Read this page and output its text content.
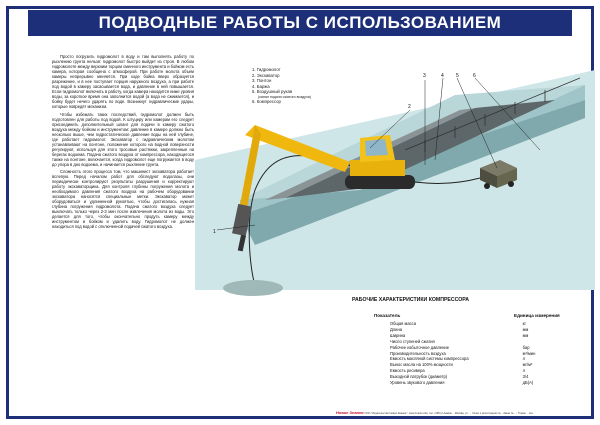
ПОДВОДНЫЕ РАБОТЫ С ИСПОЛЬЗОВАНИЕМ ГИДРОМОЛОТА

Просто погрузить гидромолот в воду и там выполнять работу по рыхлению грунта нельзя: гидромолот быстро выйдет из строя. В любом гидромолоте между верхним торцом сменного инструмента и бойком есть камера, которая сообщена с атмосферой. При работе молота объем камеры непрерывно меняется. При ходе бойка вверх образуется разрежение, и в нее поступает порция наружного воздуха, а при работе под водой в камеру засасывается вода, и давление в ней повышается. Если гидромолот включить в работу, когда камера находится ниже уровня воды, за короткое время она заполнится водой (а вода не сжимается), и бойку будет нечего ударять по воде. Возникнут гидравлические удары, которые повредят механизм.

Чтобы избежать таких последствий, гидромолот должен быть подготовлен для работы под водой. К штуцеру или камерам его следует присоединить дополнительный шланг для подачи в камеру сжатого воздуха между бойком и инструментом: давление в камере должно быть несколько выше, чем гидростатическое давление воды на ней глубине, где работает гидромолот. Экскаватор с гидравлическим молотом устанавливают на понтоне, положение которого на водной поверхности регулируют, используя для этого тросовые растяжки, закрепленные на берегах водоема. Подача сжатого воздуха от компрессора, находящегося также на понтоне, включается, когда гидромолот еще погружается в воду до упора в дно водоема, и начинается рыхление грунта.

Сложность этого процесса том, что машинист экскаватора работает вслепую. Перед началом работ для обследуют водолазы, они периодически контролируют результаты разрушения и корректируют работу экскаваторщика. Для контроля глубины погружения молота и необходимого давления сжатого воздуха на рабочем оборудовании экскаватора наносятся специальные метки. Экскаватор может оборудоваться и удлиненной рукоятью, чтобы достигалась нужная глубина погружения гидромолота. Подача сжатого воздуха следует выключать только через 2-3 мин после извлечения молота из воды. Это делается для того, чтобы окончательно продуть камеру между инструментом и бойком и удалить воду. Гидромолот не должен находиться под водой с отключенной подачей сжатого воздуха.

1
2
3	4 5	6
1. Гидромолот
2. Экскаватор
3. Понтон
4. Баржа
5. Воздушный рукав
(канал подачи сжатого воздуха)
6. Компрессор
РАБОЧИЕ ХАРАКТЕРИСТИКИ КОМПРЕССОРА
Показатель	Единица измерения
Общая масса	кг
Длина	мм
Ширина	мм
Число ступеней сжатия
Рабочее избыточное давление	бар
Производительность воздуха	м³/мин
Емкость масляной системы компрессора	л
Вынос масла на 100% мощности	мг/м³
Емкость ресивера	л
Выходной патрубок (диаметр)	3/4
Уровень звукового давления	дБ(А)
Новое Знание ООО "Издательство Новое Знание", www.znanie.info, тел. (495) 2-Ааммо... Москва, ул. ... Св-во о регистрации №... Заказ № ...; Тираж ... экз.
